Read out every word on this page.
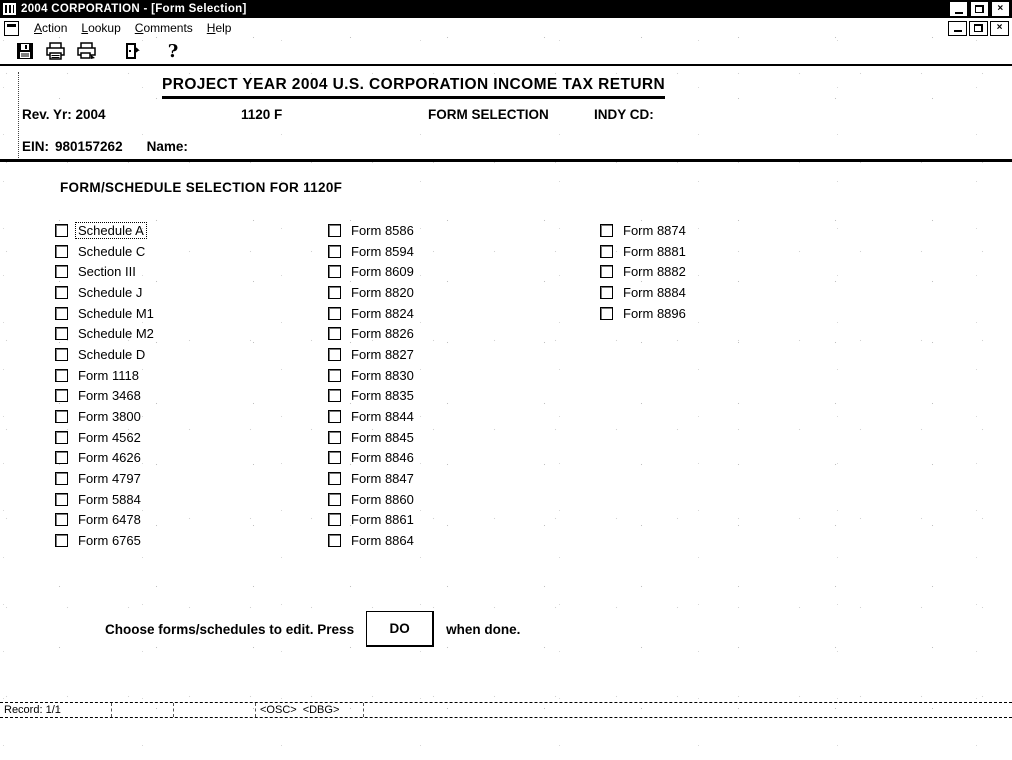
2004 CORPORATION - [Form Selection]	×
Action	Lookup	Comments	Help	×
?
PROJECT YEAR 2004 U.S. CORPORATION INCOME TAX RETURN
Rev. Yr: 2004	1120 F	FORM SELECTION	INDY CD:
EIN: 980157262 Name:
FORM/SCHEDULE SELECTION FOR 1120F
Schedule A
Schedule C
Section III
Schedule J
Schedule M1
Schedule M2
Schedule D
Form 1118
Form 3468
Form 3800
Form 4562
Form 4626
Form 4797
Form 5884
Form 6478
Form 6765
Form 8586
Form 8594
Form 8609
Form 8820
Form 8824
Form 8826
Form 8827
Form 8830
Form 8835
Form 8844
Form 8845
Form 8846
Form 8847
Form 8860
Form 8861
Form 8864
Form 8874
Form 8881
Form 8882
Form 8884
Form 8896
Choose forms/schedules to edit. Press	DO	when done.
Record: 1/1	<OSC> <DBG>
